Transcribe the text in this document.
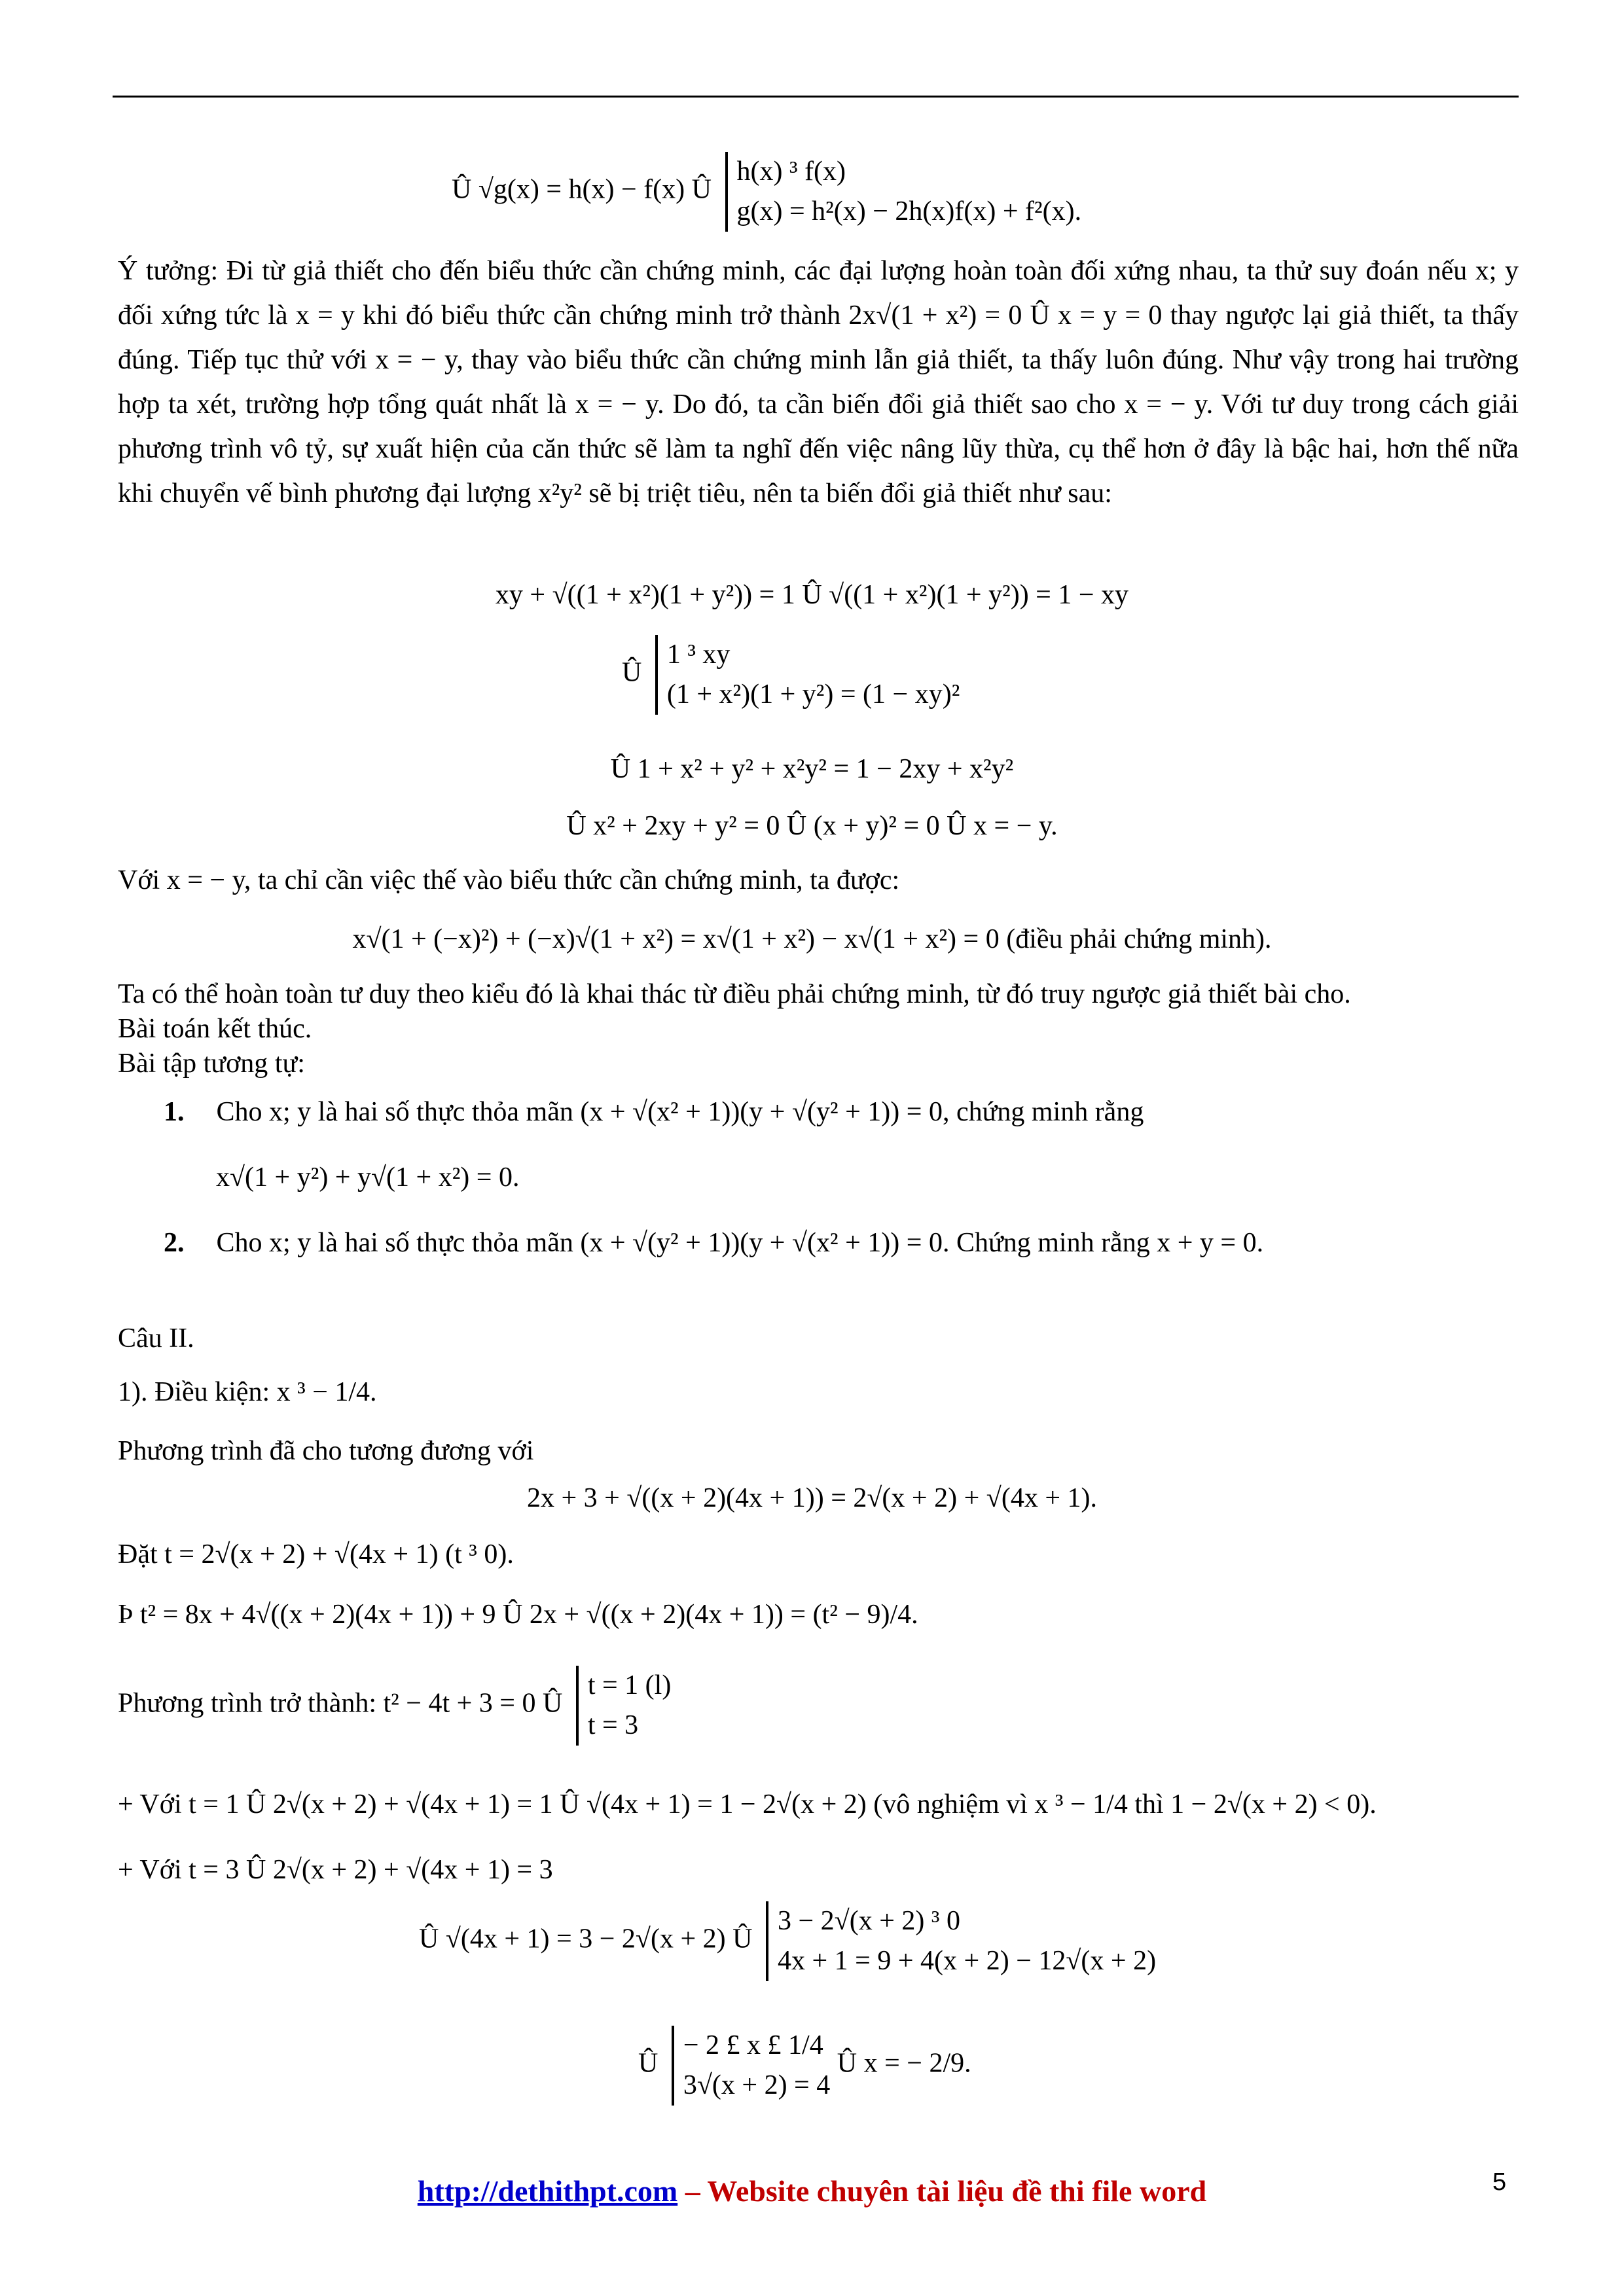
Û √g(x) = h(x) − f(x) Û h(x) ³ f(x)
g(x) = h²(x) − 2h(x)f(x) + f²(x).
Ý tưởng: Đi từ giả thiết cho đến biểu thức cần chứng minh, các đại lượng hoàn toàn đối xứng nhau, ta thử suy đoán nếu x; y đối xứng tức là x = y khi đó biểu thức cần chứng minh trở thành 2x√(1 + x²) = 0 Û x = y = 0 thay ngược lại giả thiết, ta thấy đúng. Tiếp tục thử với x = − y, thay vào biểu thức cần chứng minh lẫn giả thiết, ta thấy luôn đúng. Như vậy trong hai trường hợp ta xét, trường hợp tổng quát nhất là x = − y. Do đó, ta cần biến đổi giả thiết sao cho x = − y. Với tư duy trong cách giải phương trình vô tỷ, sự xuất hiện của căn thức sẽ làm ta nghĩ đến việc nâng lũy thừa, cụ thể hơn ở đây là bậc hai, hơn thế nữa khi chuyển vế bình phương đại lượng x²y² sẽ bị triệt tiêu, nên ta biến đổi giả thiết như sau:
xy + √((1 + x²)(1 + y²)) = 1 Û √((1 + x²)(1 + y²)) = 1 − xy
Û 1 ³ xy
(1 + x²)(1 + y²) = (1 − xy)²
Û 1 + x² + y² + x²y² = 1 − 2xy + x²y²
Û x² + 2xy + y² = 0 Û (x + y)² = 0 Û x = − y.
Với x = − y, ta chỉ cần việc thế vào biểu thức cần chứng minh, ta được:
x√(1 + (−x)²) + (−x)√(1 + x²) = x√(1 + x²) − x√(1 + x²) = 0 (điều phải chứng minh).
Ta có thể hoàn toàn tư duy theo kiểu đó là khai thác từ điều phải chứng minh, từ đó truy ngược giả thiết bài cho.
Bài toán kết thúc.
Bài tập tương tự:
1. Cho x; y là hai số thực thỏa mãn (x + √(x² + 1))(y + √(y² + 1)) = 0, chứng minh rằng
x√(1 + y²) + y√(1 + x²) = 0.
2. Cho x; y là hai số thực thỏa mãn (x + √(y² + 1))(y + √(x² + 1)) = 0. Chứng minh rằng x + y = 0.
Câu II.
1). Điều kiện: x ³ − 1/4.
Phương trình đã cho tương đương với
2x + 3 + √((x + 2)(4x + 1)) = 2√(x + 2) + √(4x + 1).
Đặt t = 2√(x + 2) + √(4x + 1) (t ³ 0).
Þ t² = 8x + 4√((x + 2)(4x + 1)) + 9 Û 2x + √((x + 2)(4x + 1)) = (t² − 9)/4.
Phương trình trở thành: t² − 4t + 3 = 0 Û t = 1 (l)
t = 3
+ Với t = 1 Û 2√(x + 2) + √(4x + 1) = 1 Û √(4x + 1) = 1 − 2√(x + 2) (vô nghiệm vì x ³ − 1/4 thì 1 − 2√(x + 2) < 0).
+ Với t = 3 Û 2√(x + 2) + √(4x + 1) = 3
Û √(4x + 1) = 3 − 2√(x + 2) Û 3 − 2√(x + 2) ³ 0
4x + 1 = 9 + 4(x + 2) − 12√(x + 2)
Û − 2 £ x £ 1/4
3√(x + 2) = 4 Û x = − 2/9.
http://dethithpt.com – Website chuyên tài liệu đề thi file word	5
